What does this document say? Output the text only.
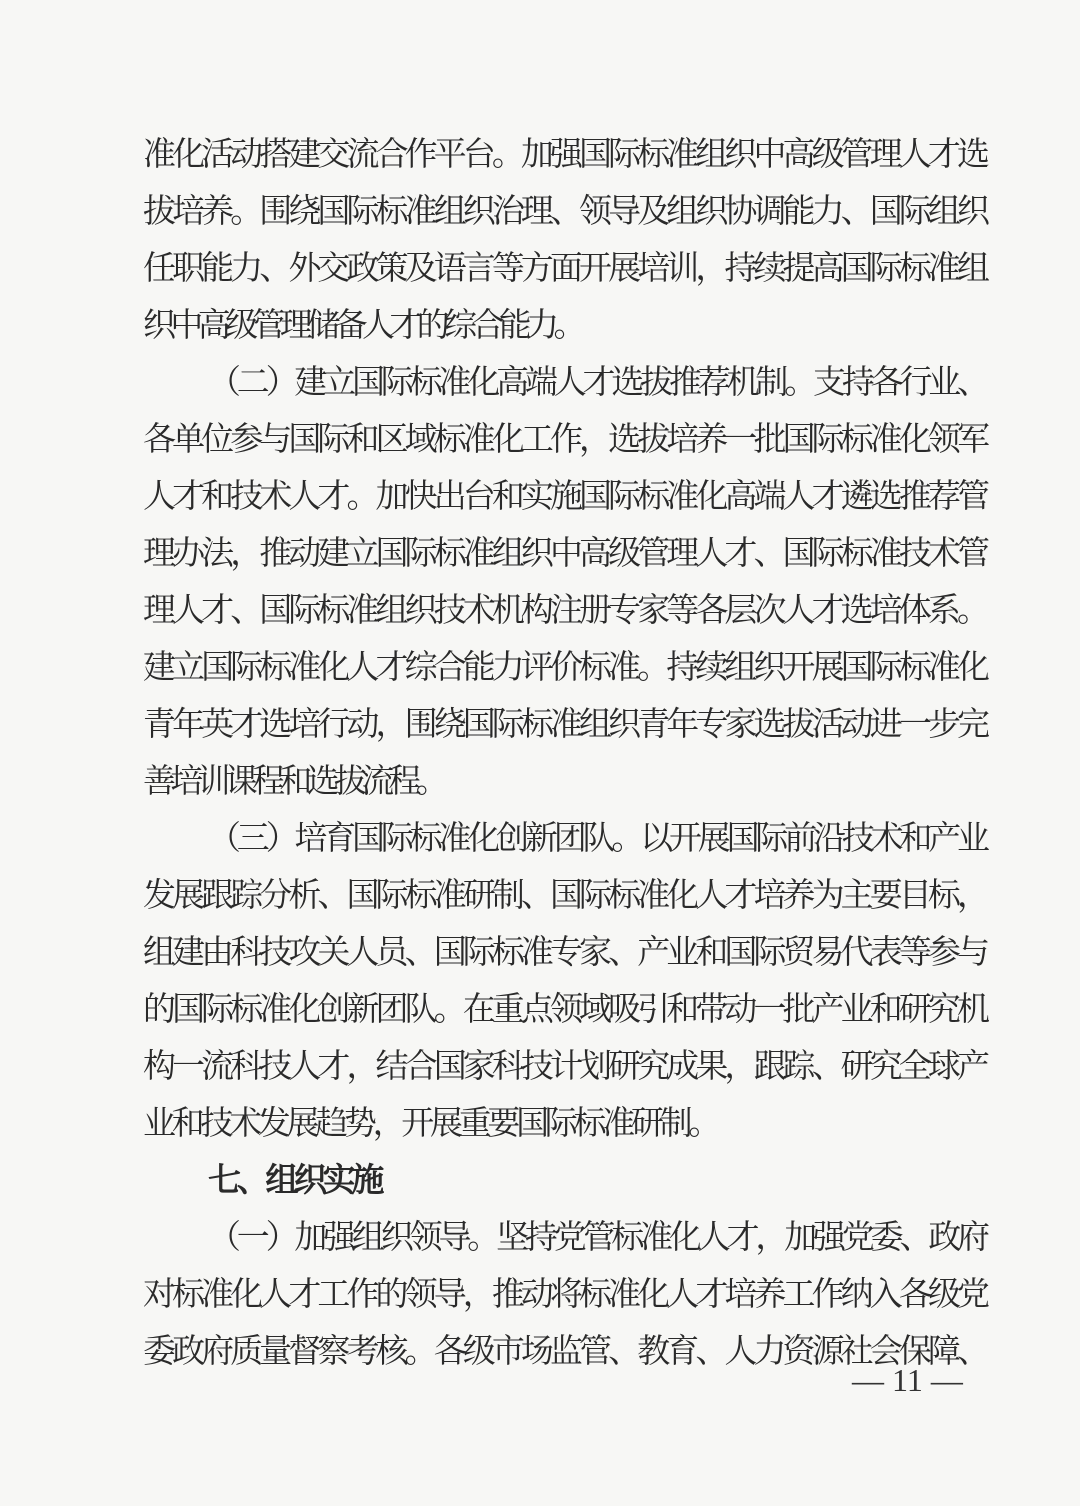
准化活动搭建交流合作平台。加强国际标准组织中高级管理人才选
拔培养。围绕国际标准组织治理、领导及组织协调能力、国际组织
任职能力、外交政策及语言等方面开展培训，持续提高国际标准组
织中高级管理储备人才的综合能力。
（二）建立国际标准化高端人才选拔推荐机制。支持各行业、
各单位参与国际和区域标准化工作，选拔培养一批国际标准化领军
人才和技术人才。加快出台和实施国际标准化高端人才遴选推荐管
理办法，推动建立国际标准组织中高级管理人才、国际标准技术管
理人才、国际标准组织技术机构注册专家等各层次人才选培体系。
建立国际标准化人才综合能力评价标准。持续组织开展国际标准化
青年英才选培行动，围绕国际标准组织青年专家选拔活动进一步完
善培训课程和选拔流程。
（三）培育国际标准化创新团队。以开展国际前沿技术和产业
发展跟踪分析、国际标准研制、国际标准化人才培养为主要目标，
组建由科技攻关人员、国际标准专家、产业和国际贸易代表等参与
的国际标准化创新团队。在重点领域吸引和带动一批产业和研究机
构一流科技人才，结合国家科技计划研究成果，跟踪、研究全球产
业和技术发展趋势，开展重要国际标准研制。
七、组织实施
（一）加强组织领导。坚持党管标准化人才，加强党委、政府
对标准化人才工作的领导，推动将标准化人才培养工作纳入各级党
委政府质量督察考核。各级市场监管、教育、人力资源社会保障、
— 11 —
